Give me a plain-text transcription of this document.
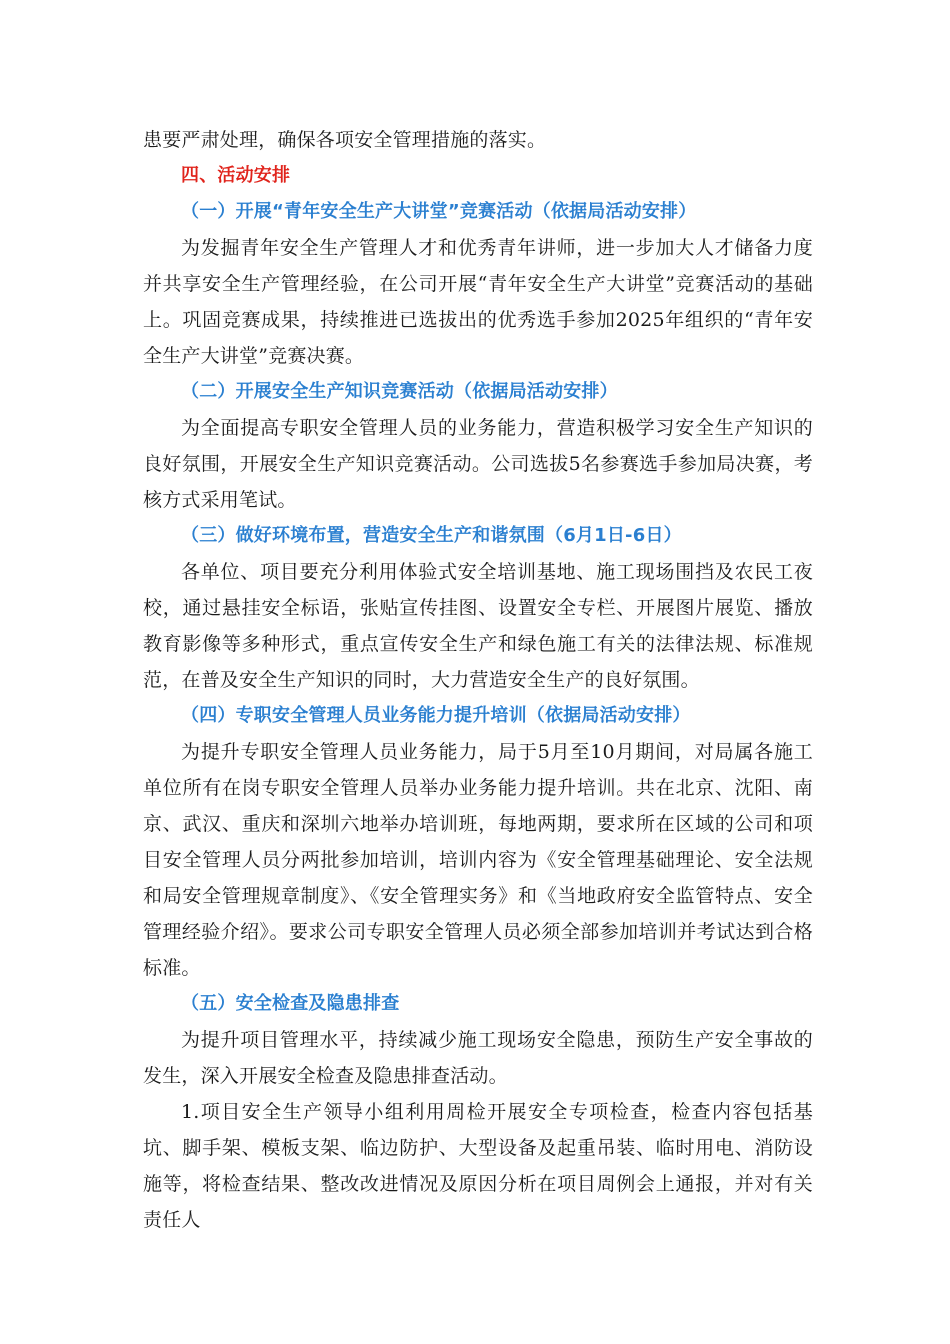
患要严肃处理，确保各项安全管理措施的落实。

四、活动安排

（一）开展“青年安全生产大讲堂”竞赛活动（依据局活动安排）

为发掘青年安全生产管理人才和优秀青年讲师，进一步加大人才储备力度并共享安全生产管理经验，在公司开展“青年安全生产大讲堂”竞赛活动的基础上。巩固竞赛成果，持续推进已选拔出的优秀选手参加2025年组织的“青年安全生产大讲堂”竞赛决赛。

（二）开展安全生产知识竞赛活动（依据局活动安排）

为全面提高专职安全管理人员的业务能力，营造积极学习安全生产知识的良好氛围，开展安全生产知识竞赛活动。公司选拔5名参赛选手参加局决赛，考核方式采用笔试。

（三）做好环境布置，营造安全生产和谐氛围（6月1日-6日）

各单位、项目要充分利用体验式安全培训基地、施工现场围挡及农民工夜校，通过悬挂安全标语，张贴宣传挂图、设置安全专栏、开展图片展览、播放教育影像等多种形式，重点宣传安全生产和绿色施工有关的法律法规、标准规范，在普及安全生产知识的同时，大力营造安全生产的良好氛围。

（四）专职安全管理人员业务能力提升培训（依据局活动安排）

为提升专职安全管理人员业务能力，局于5月至10月期间，对局属各施工单位所有在岗专职安全管理人员举办业务能力提升培训。共在北京、沈阳、南京、武汉、重庆和深圳六地举办培训班，每地两期，要求所在区域的公司和项目安全管理人员分两批参加培训，培训内容为《安全管理基础理论、安全法规和局安全管理规章制度》、《安全管理实务》和《当地政府安全监管特点、安全管理经验介绍》。要求公司专职安全管理人员必须全部参加培训并考试达到合格标准。

（五）安全检查及隐患排查

为提升项目管理水平，持续减少施工现场安全隐患，预防生产安全事故的发生，深入开展安全检查及隐患排查活动。

1.项目安全生产领导小组利用周检开展安全专项检查，检查内容包括基坑、脚手架、模板支架、临边防护、大型设备及起重吊装、临时用电、消防设施等，将检查结果、整改改进情况及原因分析在项目周例会上通报，并对有关责任人
